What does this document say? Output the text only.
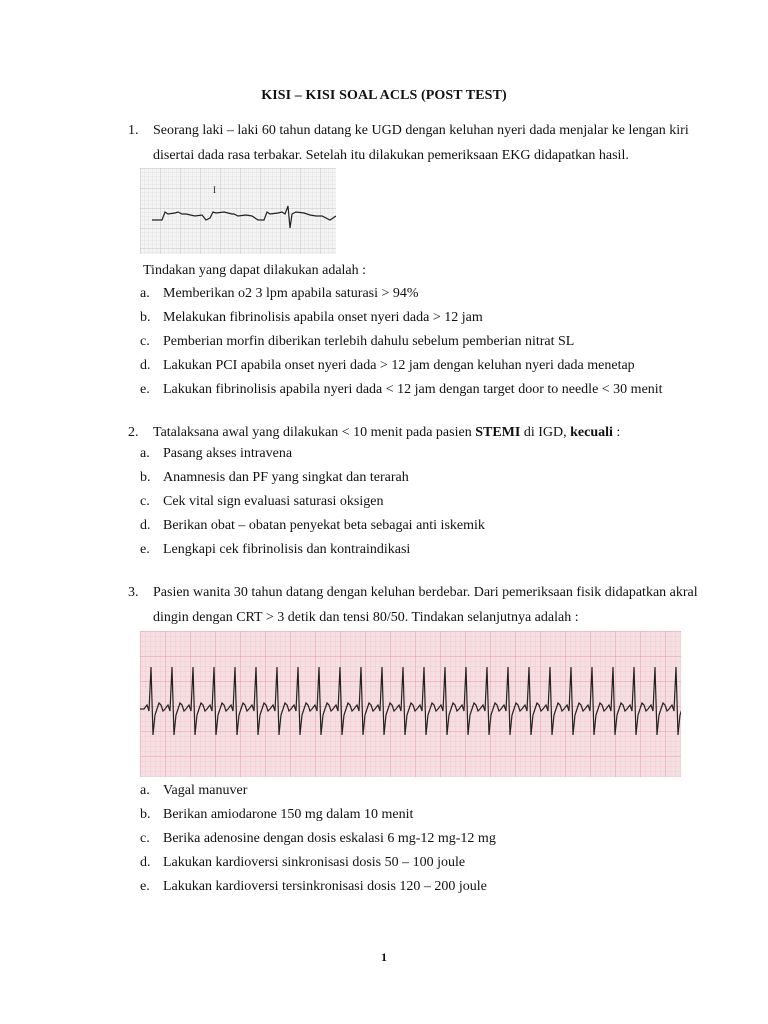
KISI – KISI SOAL ACLS (POST TEST)
1. Seorang laki – laki 60 tahun datang ke UGD dengan keluhan nyeri dada menjalar ke lengan kiri disertai dada rasa terbakar. Setelah itu dilakukan pemeriksaan EKG didapatkan hasil.
I
Tindakan yang dapat dilakukan adalah :
a. Memberikan o2 3 lpm apabila saturasi > 94%
b. Melakukan fibrinolisis apabila onset nyeri dada > 12 jam
c. Pemberian morfin diberikan terlebih dahulu sebelum pemberian nitrat SL
d. Lakukan PCI apabila onset nyeri dada > 12 jam dengan keluhan nyeri dada menetap
e. Lakukan fibrinolisis apabila nyeri dada < 12 jam dengan target door to needle < 30 menit
2. Tatalaksana awal yang dilakukan < 10 menit pada pasien STEMI di IGD, kecuali :
a. Pasang akses intravena
b. Anamnesis dan PF yang singkat dan terarah
c. Cek vital sign evaluasi saturasi oksigen
d. Berikan obat – obatan penyekat beta sebagai anti iskemik
e. Lengkapi cek fibrinolisis dan kontraindikasi
3. Pasien wanita 30 tahun datang dengan keluhan berdebar. Dari pemeriksaan fisik didapatkan akral dingin dengan CRT > 3 detik dan tensi 80/50. Tindakan selanjutnya adalah :
a. Vagal manuver
b. Berikan amiodarone 150 mg dalam 10 menit
c. Berika adenosine dengan dosis eskalasi 6 mg-12 mg-12 mg
d. Lakukan kardioversi sinkronisasi dosis 50 – 100 joule
e. Lakukan kardioversi tersinkronisasi dosis 120 – 200 joule
1
